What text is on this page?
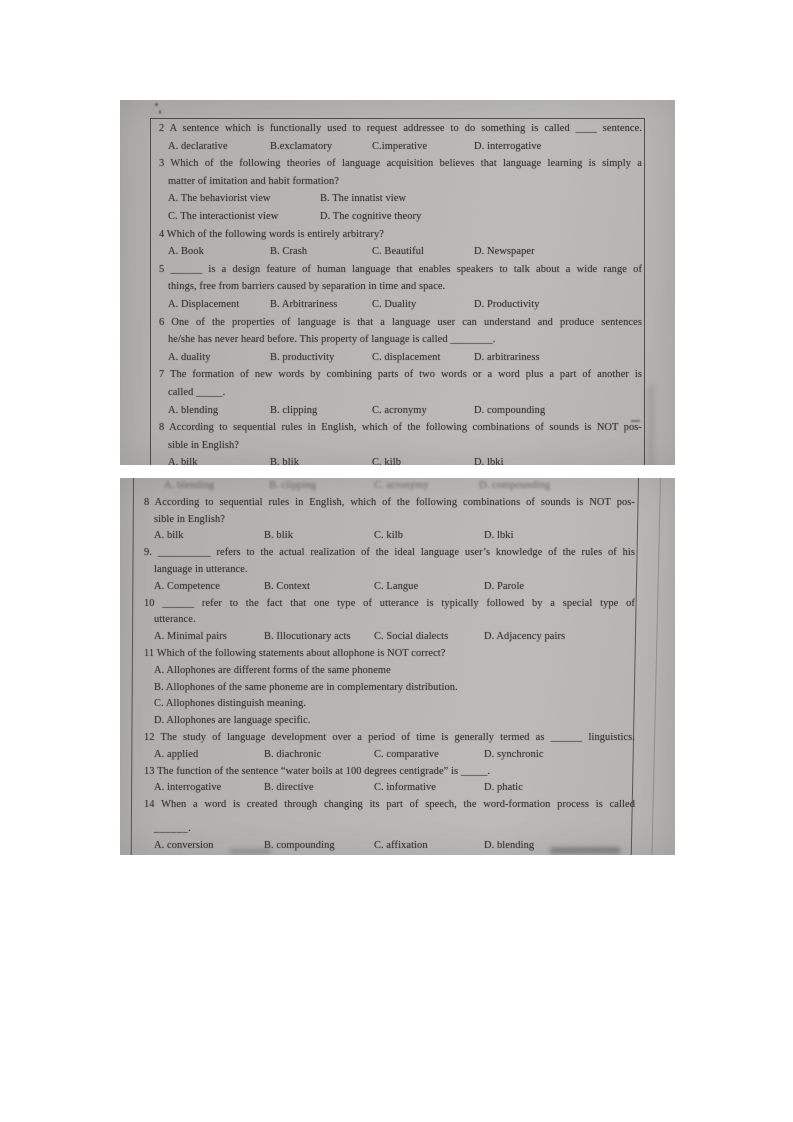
2 A sentence which is functionally used to request addressee to do something is called ____ sentence.
A. declarative	B.exclamatory	C.imperative	D. interrogative
3 Which of the following theories of language acquisition believes that language learning is simply a
matter of imitation and habit formation?
A. The behaviorist view	B. The innatist view
C. The interactionist view	D. The cognitive theory
4 Which of the following words is entirely arbitrary?
A. Book	B. Crash	C. Beautiful	D. Newspaper
5 ______ is a design feature of human language that enables speakers to talk about a wide range of
things, free from barriers caused by separation in time and space.
A. Displacement	B. Arbitrariness	C. Duality	D. Productivity
6 One of the properties of language is that a language user can understand and produce sentences
he/she has never heard before. This property of language is called ________.
A. duality	B. productivity	C. displacement	D. arbitrariness
7 The formation of new words by combining parts of two words or a word plus a part of another is
called _____.
A. blending	B. clipping	C. acronymy	D. compounding
8 According to sequential rules in English, which of the following combinations of sounds is NOT pos-
sible in English?
A. bilk	B. blik	C. kilb	D. lbki
A. blending	B. clipping	C. acronymy	D. compounding
8 According to sequential rules in English, which of the following combinations of sounds is NOT pos-
sible in English?
A. bilk	B. blik	C. kilb	D. lbki
9. __________ refers to the actual realization of the ideal language user’s knowledge of the rules of his
language in utterance.
A. Competence	B. Context	C. Langue	D. Parole
10 ______ refer to the fact that one type of utterance is typically followed by a special type of
utterance.
A. Minimal pairs	B. Illocutionary acts	C. Social dialects	D. Adjacency pairs
11 Which of the following statements about allophone is NOT correct?
A. Allophones are different forms of the same phoneme
B. Allophones of the same phoneme are in complementary distribution.
C. Allophones distinguish meaning.
D. Allophones are language specific.
12 The study of language development over a period of time is generally termed as ______ linguistics.
A. applied	B. diachronic	C. comparative	D. synchronic
13 The function of the sentence “water boils at 100 degrees centigrade” is _____.
A. interrogative	B. directive	C. informative	D. phatic
14 When a word is created through changing its part of speech, the word-formation process is called
______.
A. conversion	B. compounding	C. affixation	D. blending
